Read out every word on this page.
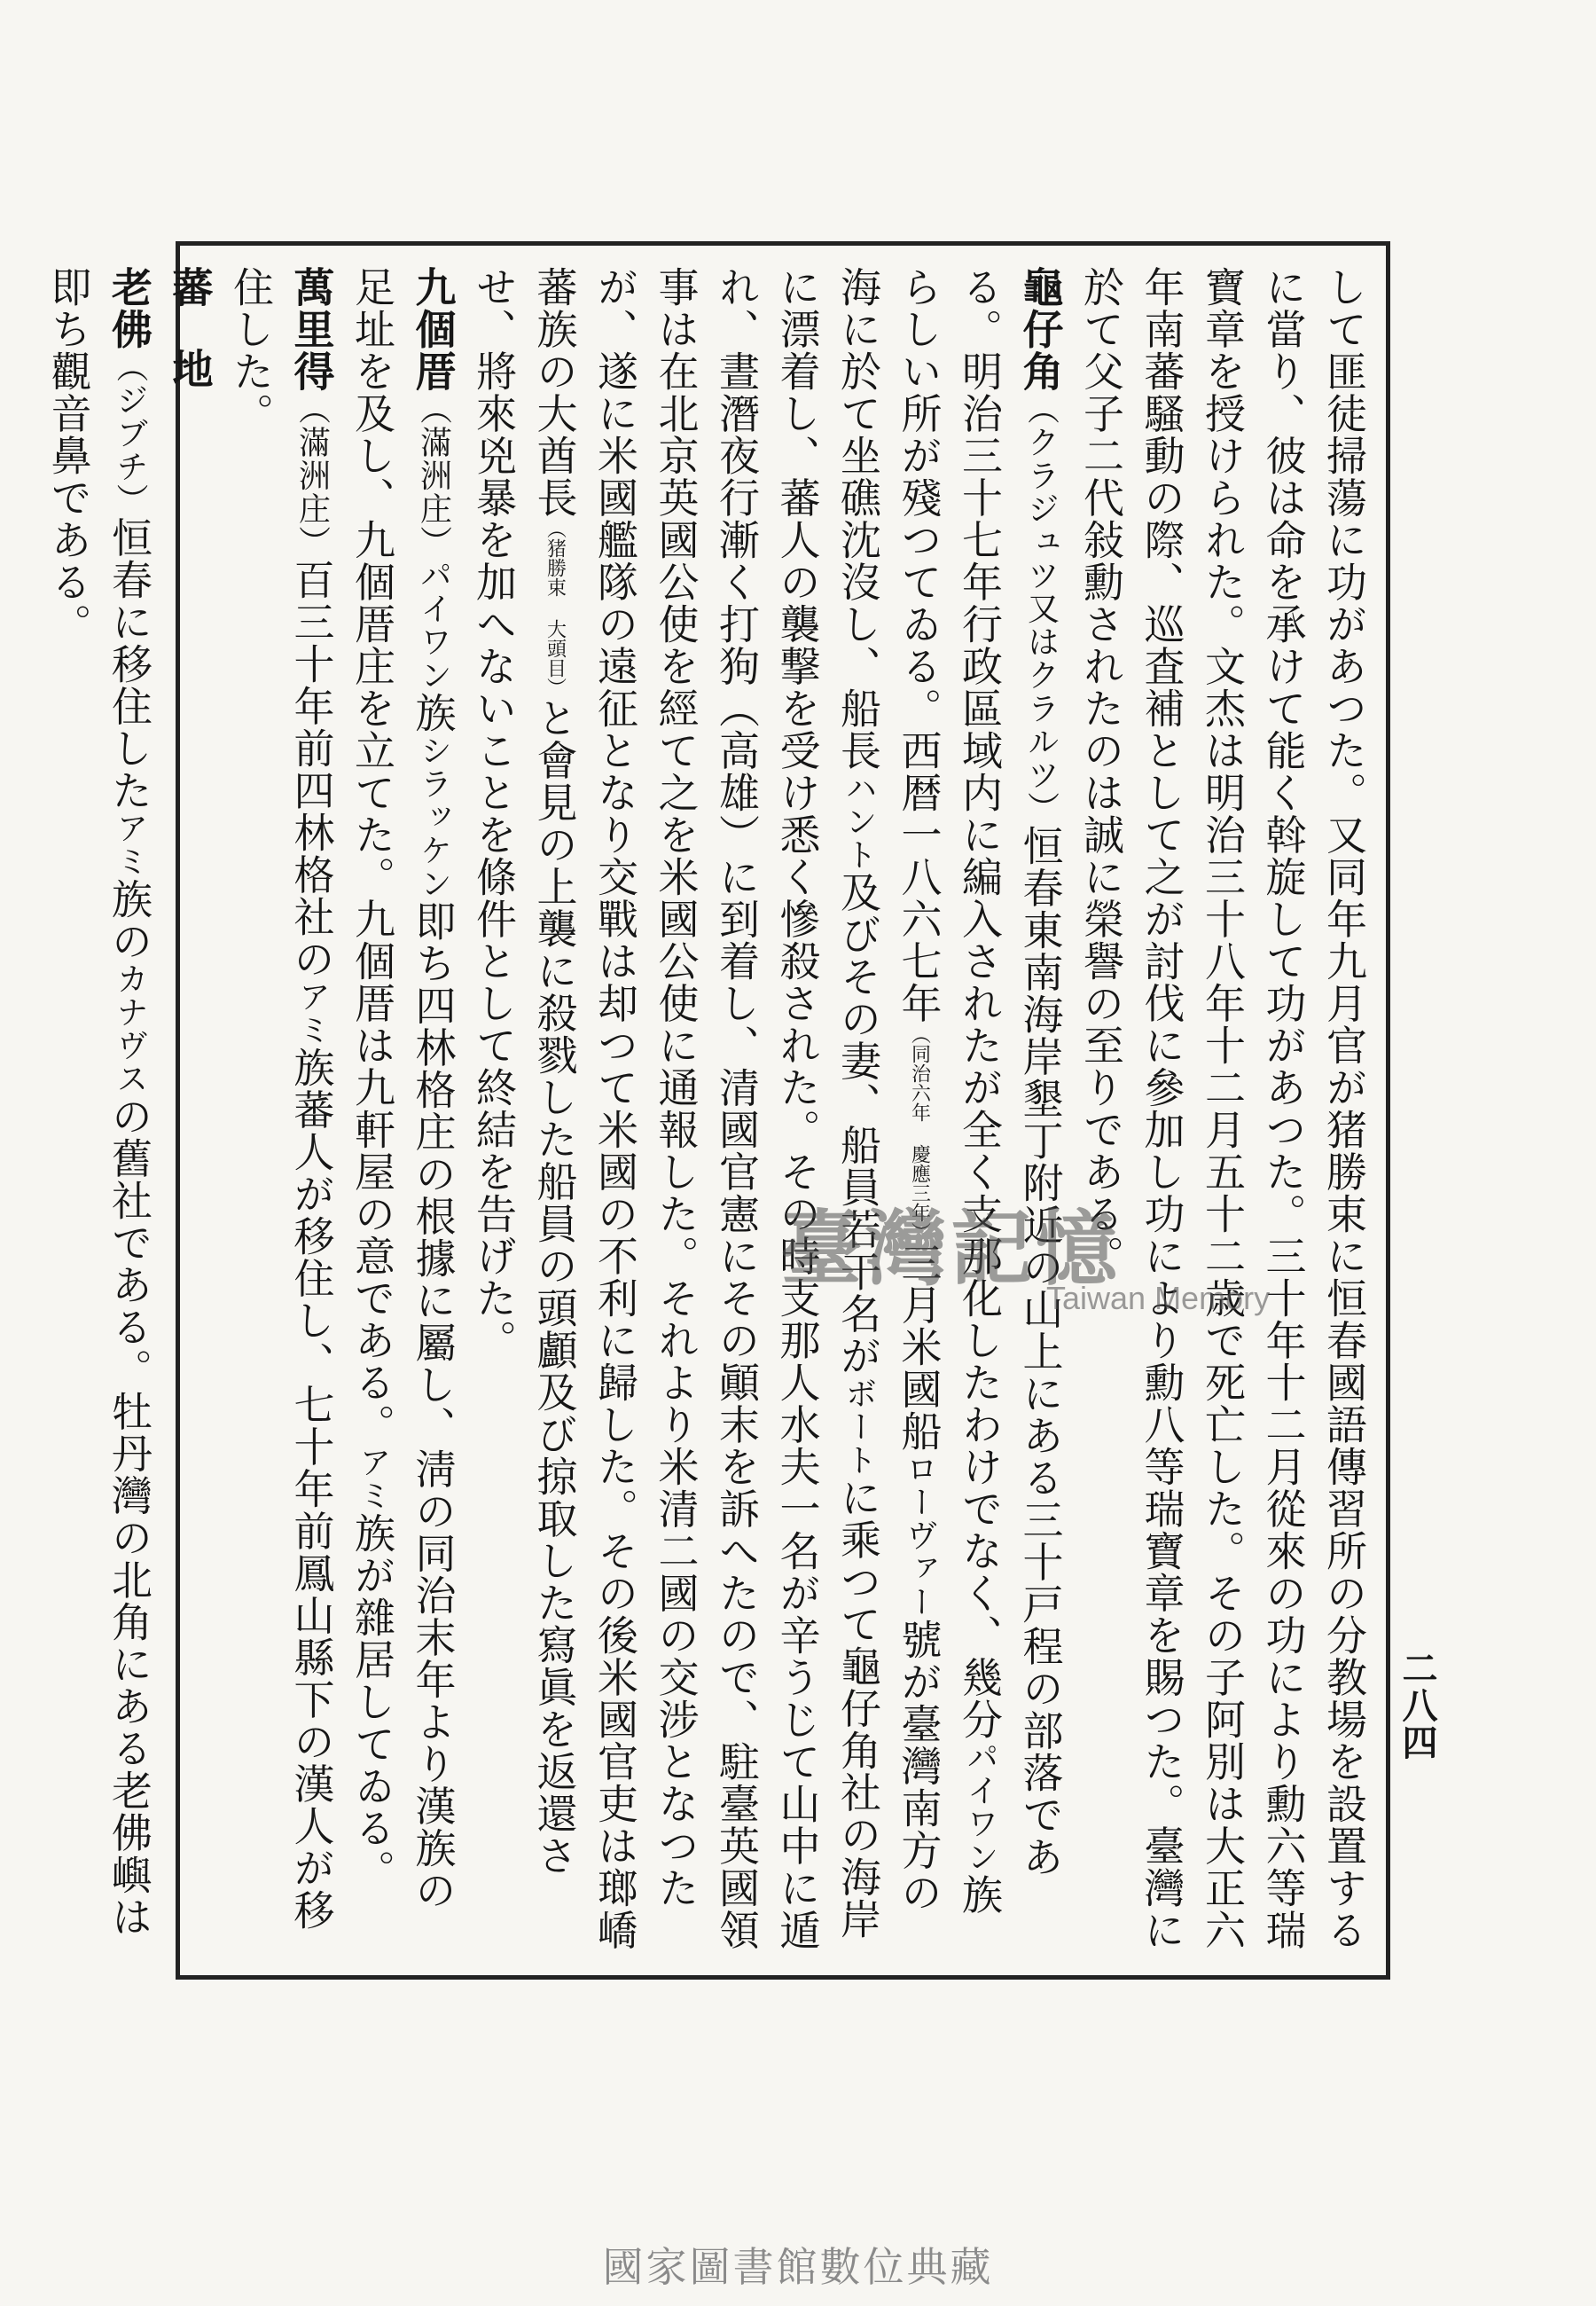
二八四

して匪徒掃蕩に功があつた。又同年九月官が猪勝束に恒春國語傳習所の分教場を設置するに當り、彼は命を承けて能く斡旋して功があつた。三十年十二月從來の功により勳六等瑞寶章を授けられた。文杰は明治三十八年十二月五十二歳で死亡した。その子阿別は大正六年南蕃騷動の際、巡査補として之が討伐に參加し功により勳八等瑞寶章を賜つた。臺灣に於て父子二代敍勳されたのは誠に榮譽の至りである。

龜仔角（クラジュツ又はクラルツ）恒春東南海岸墾丁附近の山上にある三十戸程の部落である。明治三十七年行政區域内に編入されたが全く支那化したわけでなく、幾分パイワン族らしい所が殘つてゐる。西暦一八六七年（同治六年 慶應三年）三月米國船ローヴァー號が臺灣南方の海に於て坐礁沈沒し、船長ハント及びその妻、船員若干名がボートに乘つて龜仔角社の海岸に漂着し、蕃人の襲撃を受け悉く慘殺された。その時支那人水夫一名が辛うじて山中に遁れ、晝潛夜行漸く打狗（高雄）に到着し、清國官憲にその顚末を訴へたので、駐臺英國領事は在北京英國公使を經て之を米國公使に通報した。それより米清二國の交涉となつたが、遂に米國艦隊の遠征となり交戰は却つて米國の不利に歸した。その後米國官吏は瑯嶠蕃族の大酋長（猪勝束 大頭目）と會見の上襲に殺戮した船員の頭顱及び掠取した寫眞を返還させ、將來兇暴を加へないことを條件として終結を告げた。

九個厝（滿洲庄）パイワン族シラッケン即ち四林格庄の根據に屬し、淸の同治末年より漢族の足址を及し、九個厝庄を立てた。九個厝は九軒屋の意である。アミ族が雜居してゐる。

萬里得（滿洲庄）百三十年前四林格社のアミ族蕃人が移住し、七十年前鳳山縣下の漢人が移住した。

蕃地

老佛（ジブチ）恒春に移住したアミ族のカナヴスの舊社である。牡丹灣の北角にある老佛嶼は即ち觀音鼻である。

臺灣記憶
Taiwan Memory
國家圖書館數位典藏
